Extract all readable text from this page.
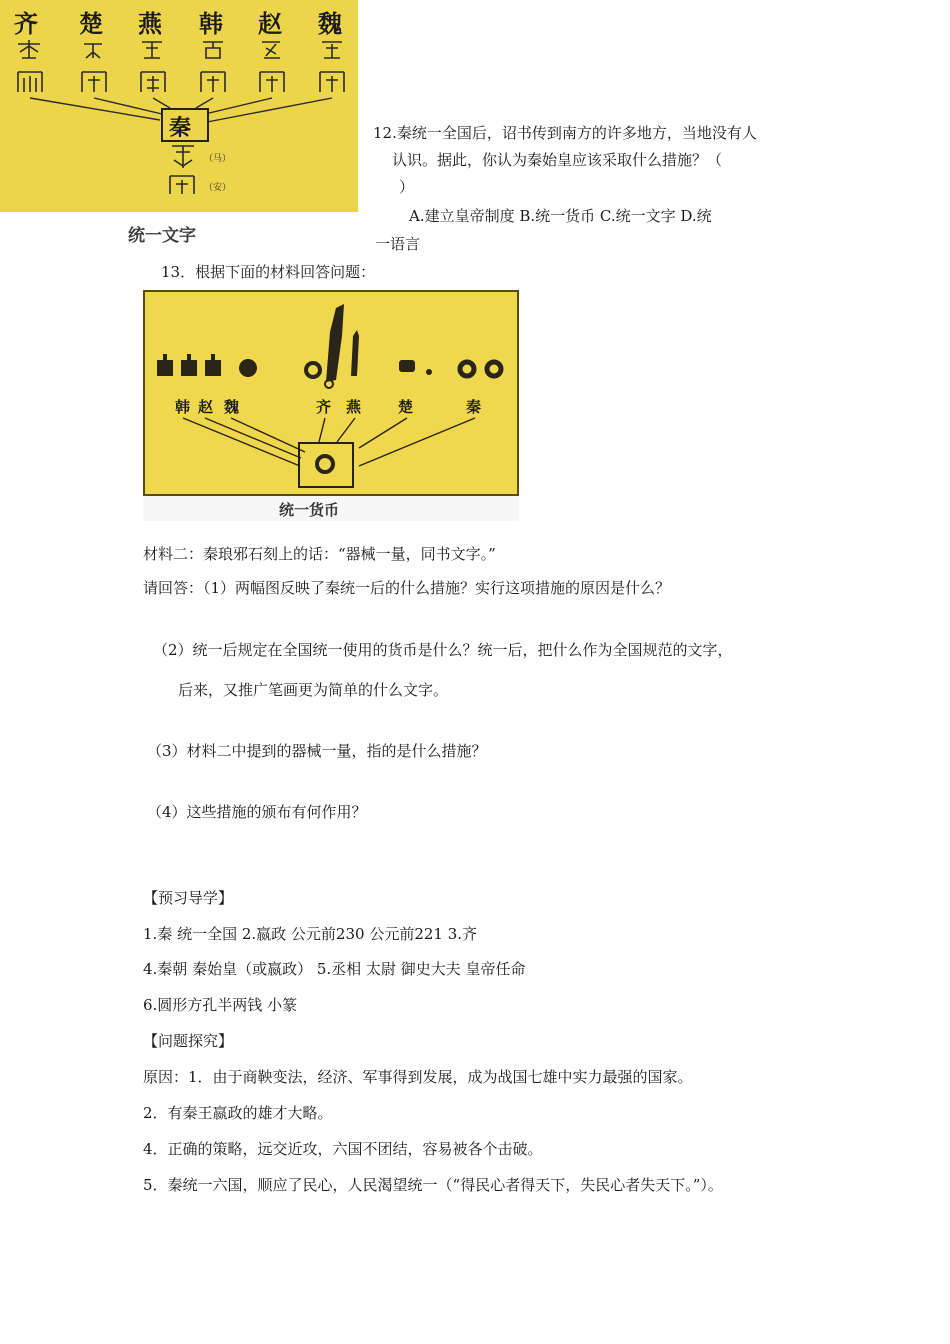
齐 楚 燕 韩 赵 魏
秦
（马）
（安）
统一文字
12.秦统一全国后，诏书传到南方的许多地方，当地没有人
认识。据此，你认为秦始皇应该采取什么措施？（
）
A.建立皇帝制度 B.统一货币 C.统一文字 D.统
一语言
13．根据下面的材料回答问题：
韩 赵 魏	齐 燕 楚	秦
统一货币
材料二：秦琅邪石刻上的话：“器械一量，同书文字。”
请回答：（1）两幅图反映了秦统一后的什么措施？实行这项措施的原因是什么？
（2）统一后规定在全国统一使用的货币是什么？统一后，把什么作为全国规范的文字，
后来，又推广笔画更为简单的什么文字。
（3）材料二中提到的器械一量，指的是什么措施？
（4）这些措施的颁布有何作用？
【预习导学】
1.秦 统一全国 2.嬴政 公元前230 公元前221 3.齐
4.秦朝 秦始皇（或嬴政） 5.丞相 太尉 御史大夫 皇帝任命
6.圆形方孔半两钱 小篆
【问题探究】
原因：1．由于商鞅变法，经济、军事得到发展，成为战国七雄中实力最强的国家。
2．有秦王嬴政的雄才大略。
4．正确的策略，远交近攻，六国不团结，容易被各个击破。
5．秦统一六国，顺应了民心，人民渴望统一（“得民心者得天下，失民心者失天下。”）。
